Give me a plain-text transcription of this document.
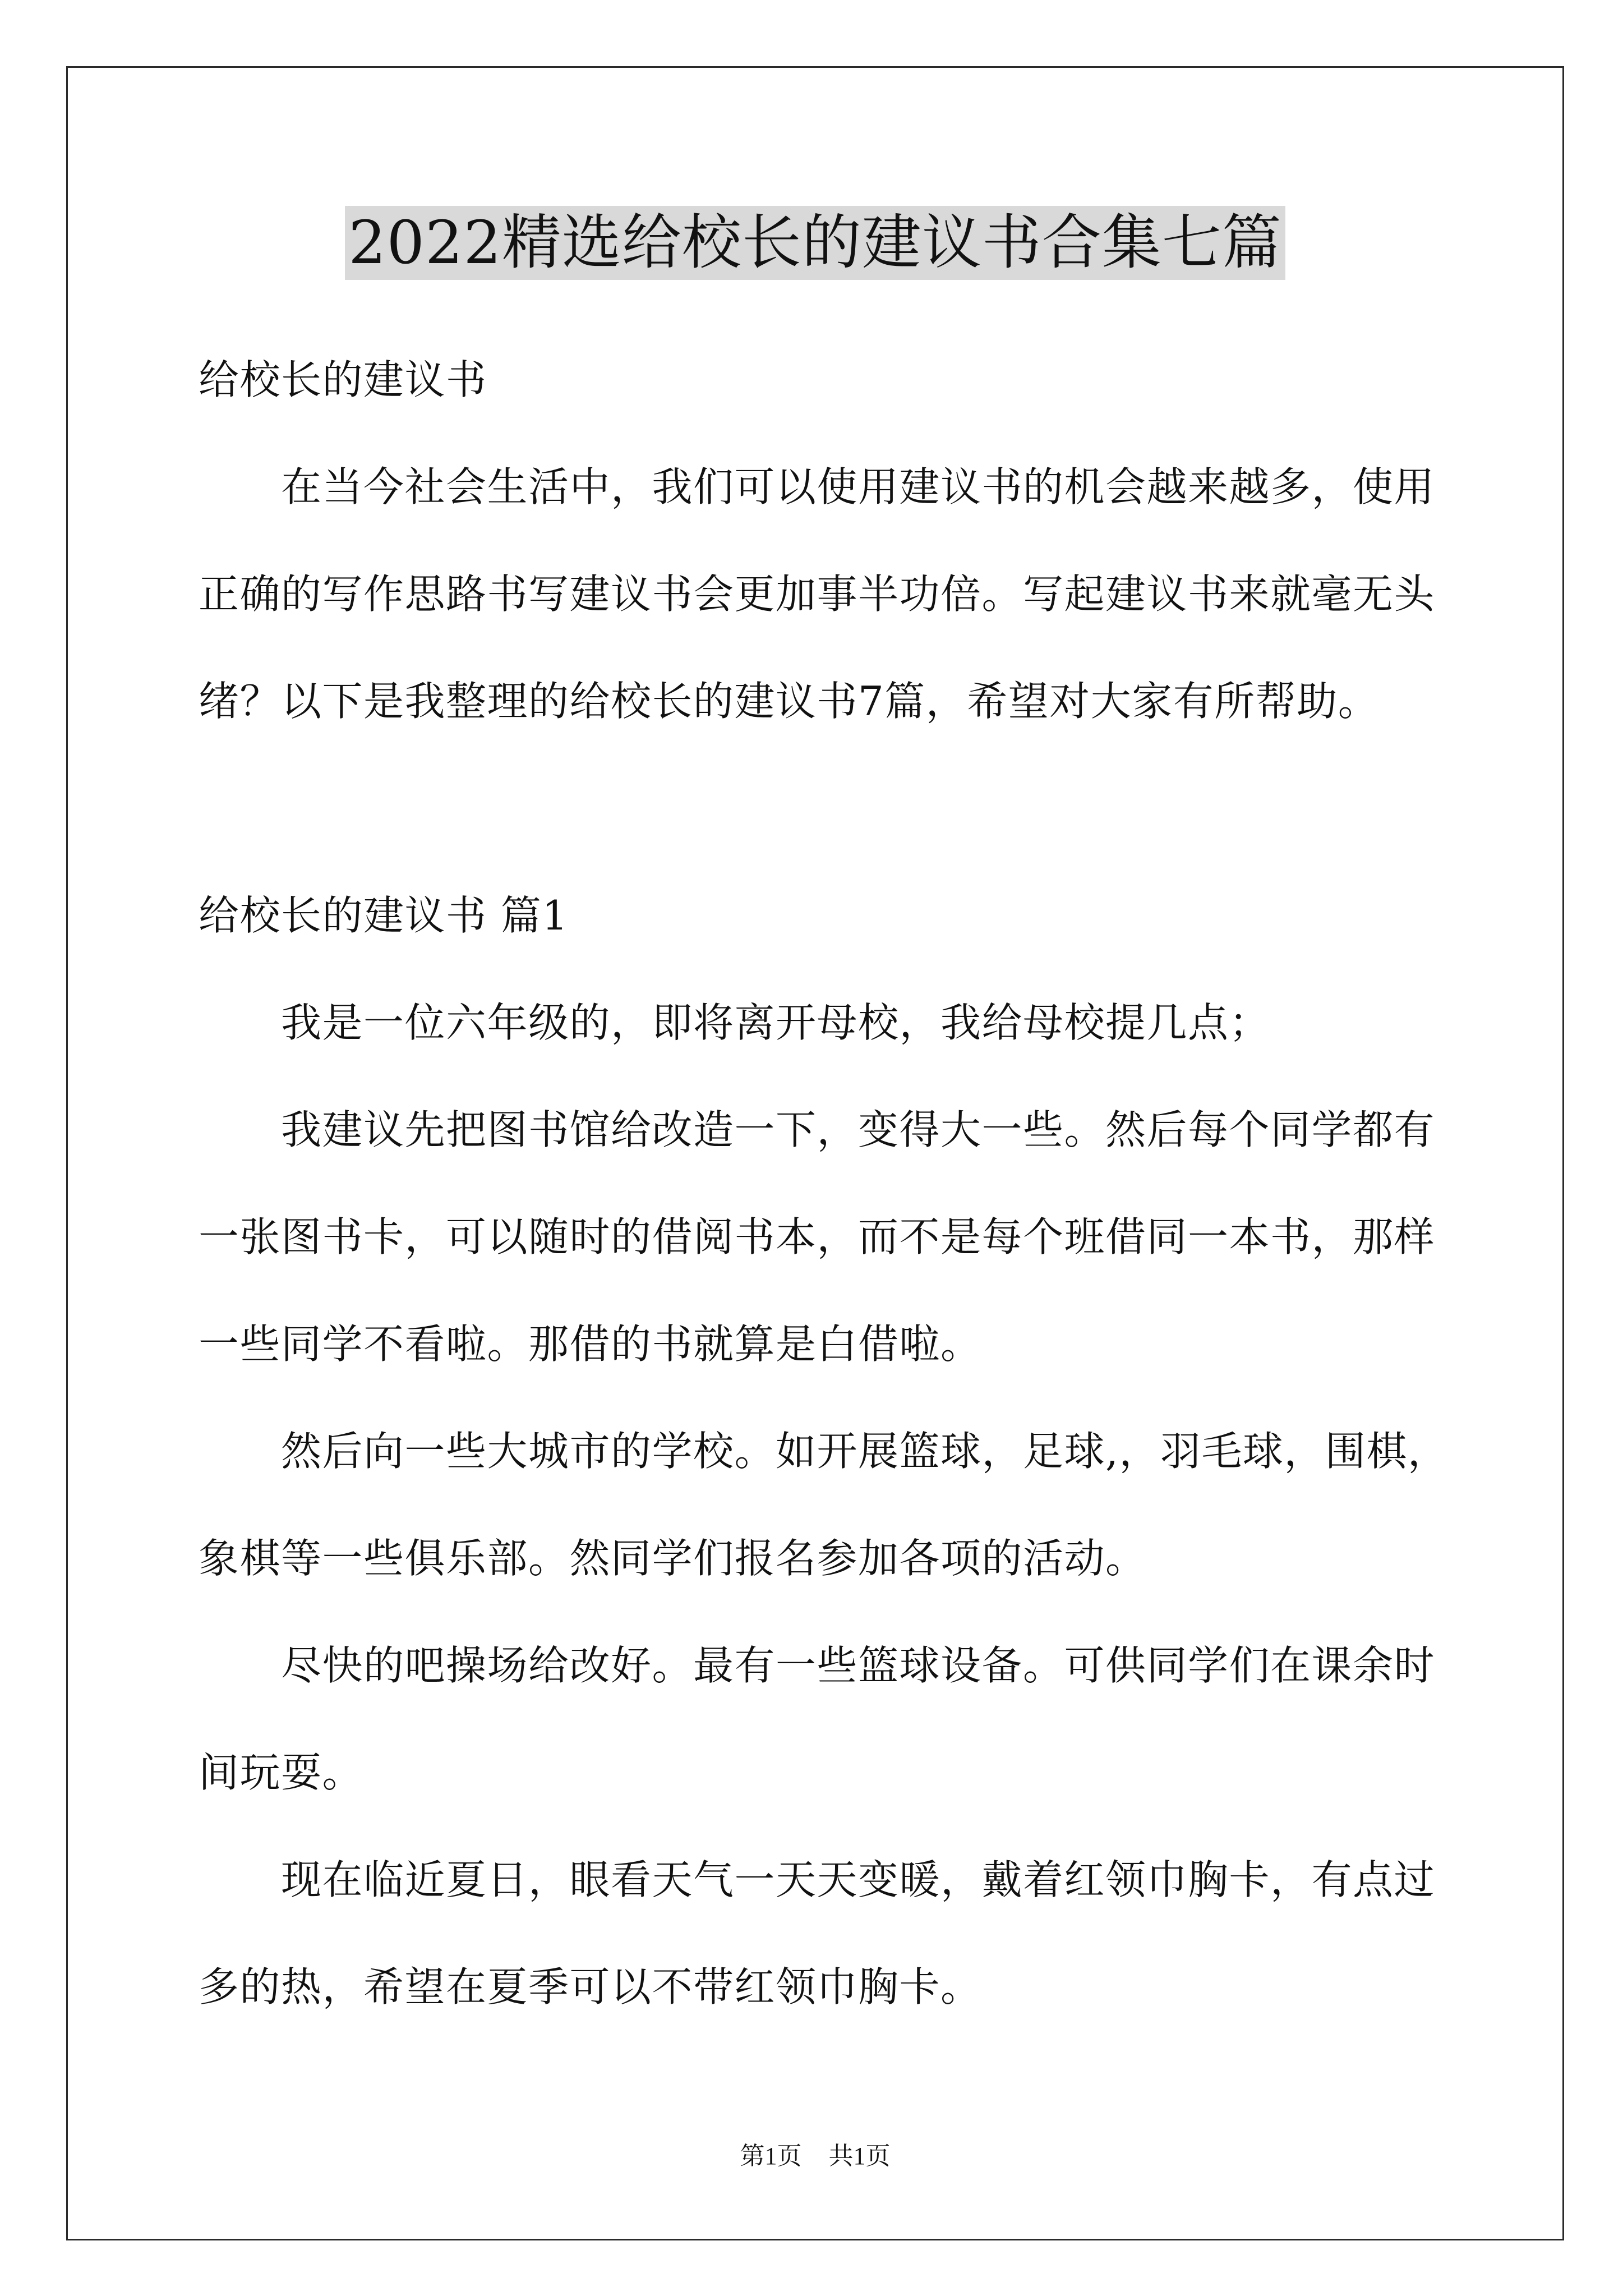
2022精选给校长的建议书合集七篇
给校长的建议书
在当今社会生活中，我们可以使用建议书的机会越来越多，使用
正确的写作思路书写建议书会更加事半功倍。写起建议书来就毫无头
绪？以下是我整理的给校长的建议书7篇，希望对大家有所帮助。
给校长的建议书 篇1
我是一位六年级的，即将离开母校，我给母校提几点；
我建议先把图书馆给改造一下，变得大一些。然后每个同学都有
一张图书卡，可以随时的借阅书本，而不是每个班借同一本书，那样
一些同学不看啦。那借的书就算是白借啦。
然后向一些大城市的学校。如开展篮球，足球,，羽毛球，围棋，
象棋等一些俱乐部。然同学们报名参加各项的活动。
尽快的吧操场给改好。最有一些篮球设备。可供同学们在课余时
间玩耍。
现在临近夏日，眼看天气一天天变暖，戴着红领巾胸卡，有点过
多的热，希望在夏季可以不带红领巾胸卡。
第1页 共1页
